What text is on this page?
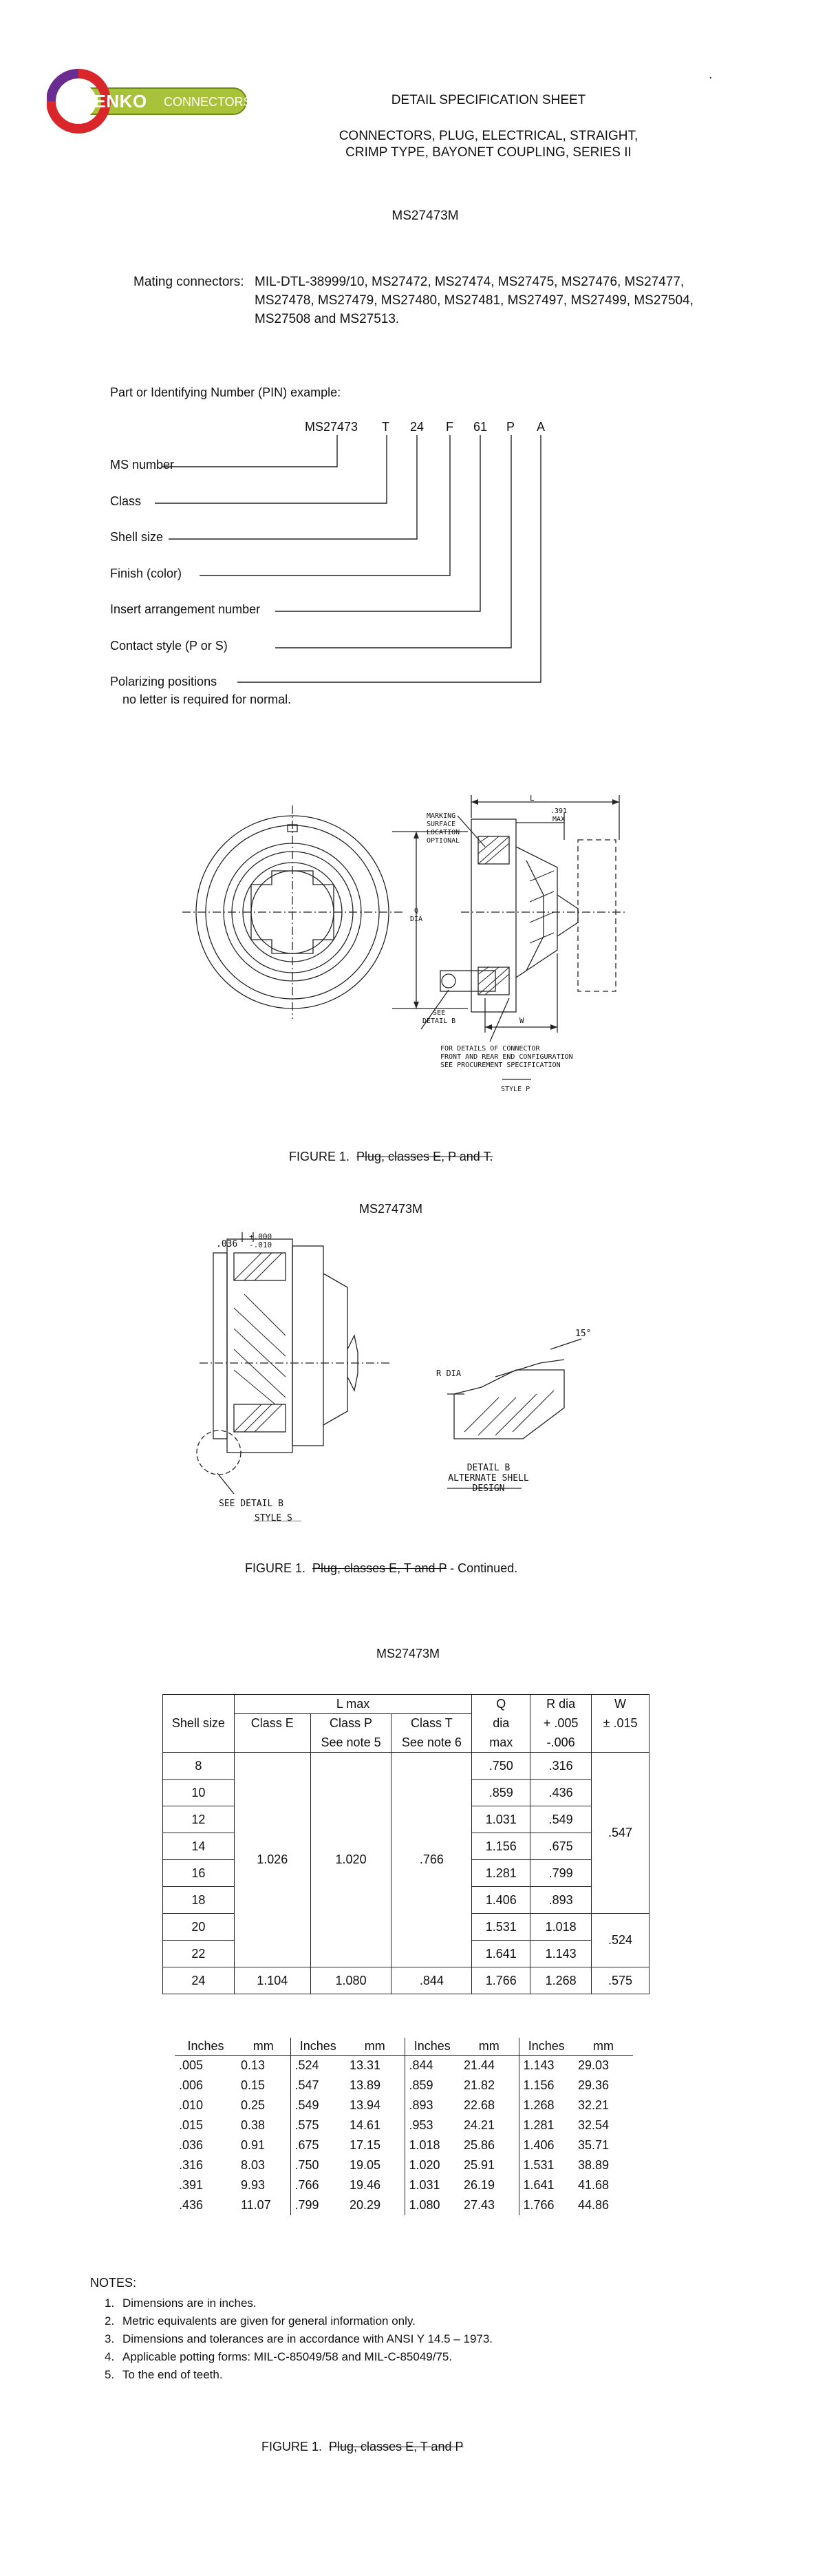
CHENKO CONNECTORS	DETAIL SPECIFICATION SHEET
CONNECTORS, PLUG, ELECTRICAL, STRAIGHT,
CRIMP TYPE, BAYONET COUPLING, SERIES II
.
MS27473M
Mating connectors: MIL-DTL-38999/10, MS27472, MS27474, MS27475, MS27476, MS27477,
MS27478, MS27479, MS27480, MS27481, MS27497, MS27499, MS27504,
MS27508 and MS27513.
Part or Identifying Number (PIN) example:
MS27473 T 24 F 61 P A
MS number
Class
Shell size
Finish (color)
Insert arrangement number
Contact style (P or S)
Polarizing positions
no letter is required for normal.
MARKING
SURFACE
LOCATION
OPTIONAL
L
.391
MAX
Q
DIA
SEE
DETAIL B	W
FOR DETAILS OF CONNECTOR
FRONT AND REAR END CONFIGURATION
SEE PROCUREMENT SPECIFICATION
STYLE P
FIGURE 1. Plug, classes E, P and T.
MS27473M
.036
+.000
-.010
SEE DETAIL B
STYLE S
R DIA
15°
DETAIL B
ALTERNATE SHELL
DESIGN
FIGURE 1. Plug, classes E, T and P - Continued.
MS27473M
Shell size	L max			Q	R dia	W
	Class E	Class P	Class T	dia	+ .005	± .015
		See note 5	See note 6	max	-.006	
8	1.026	1.020	.766	.750	.316	.547
10				.859	.436	
12				1.031	.549	
14				1.156	.675	
16				1.281	.799	
18				1.406	.893	
20				1.531	1.018	.524
22				1.641	1.143	
24	1.104	1.080	.844	1.766	1.268	.575
Inches	mm	Inches	mm	Inches	mm	Inches	mm
.005	0.13	.524	13.31	.844	21.44	1.143	29.03
.006	0.15	.547	13.89	.859	21.82	1.156	29.36
.010	0.25	.549	13.94	.893	22.68	1.268	32.21
.015	0.38	.575	14.61	.953	24.21	1.281	32.54
.036	0.91	.675	17.15	1.018	25.86	1.406	35.71
.316	8.03	.750	19.05	1.020	25.91	1.531	38.89
.391	9.93	.766	19.46	1.031	26.19	1.641	41.68
.436	11.07	.799	20.29	1.080	27.43	1.766	44.86
NOTES:
1. Dimensions are in inches.
2. Metric equivalents are given for general information only.
3. Dimensions and tolerances are in accordance with ANSI Y 14.5 – 1973.
4. Applicable potting forms: MIL-C-85049/58 and MIL-C-85049/75.
5. To the end of teeth.
FIGURE 1. Plug, classes E, T and P
